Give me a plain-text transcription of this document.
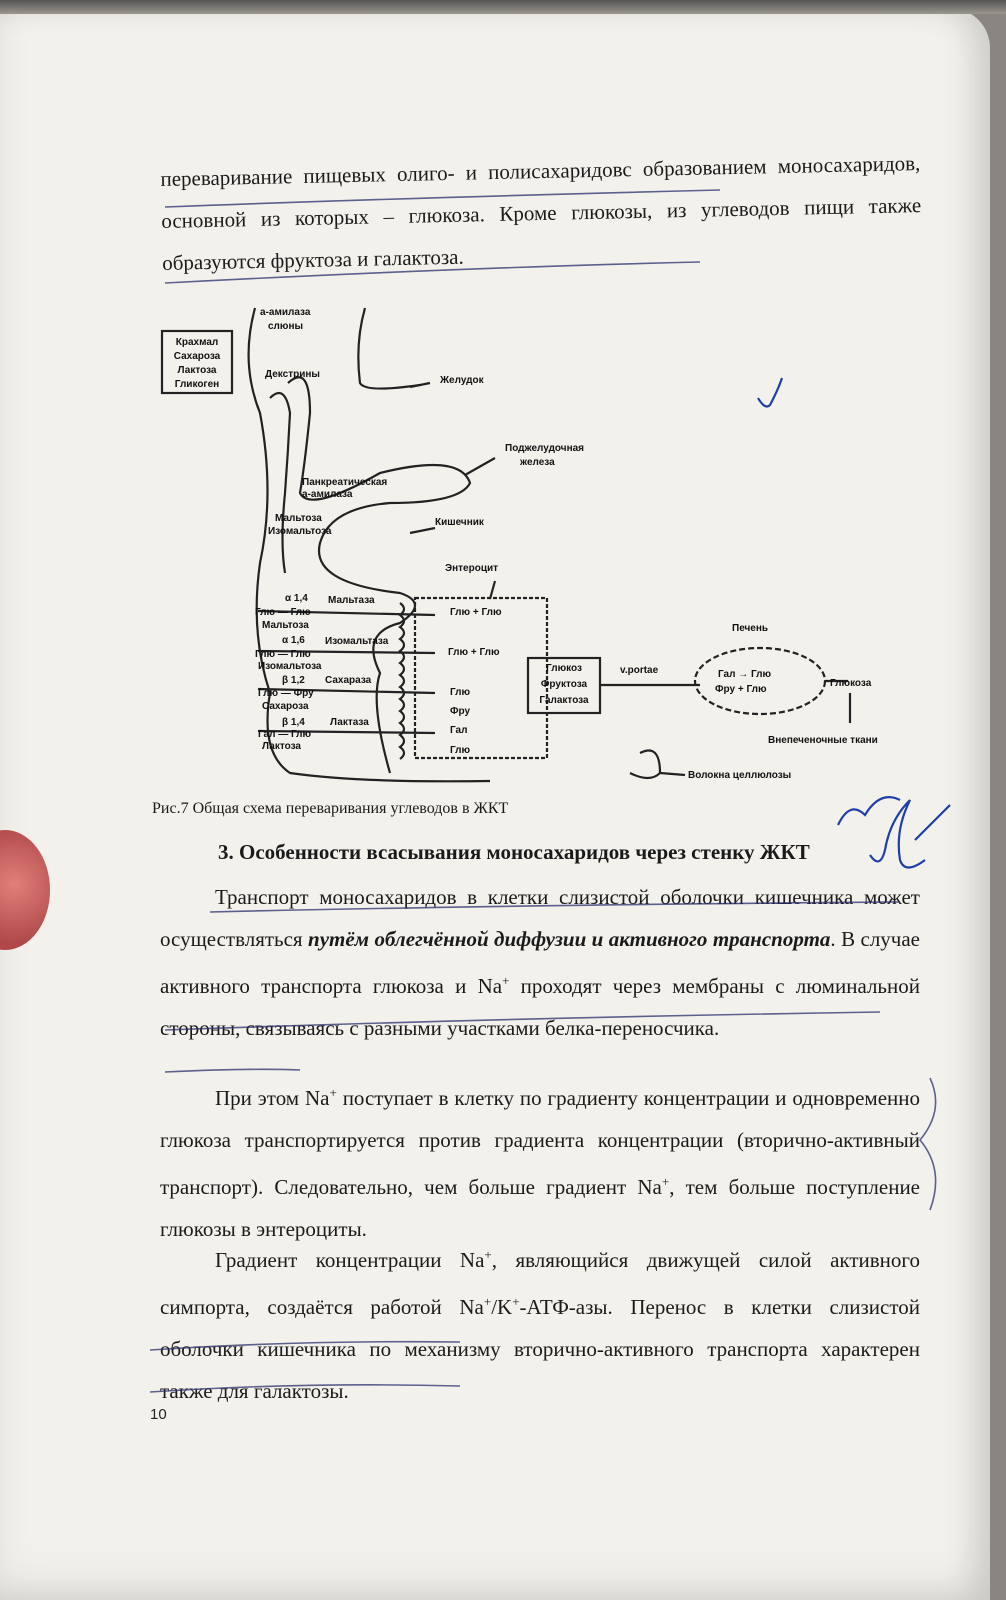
переваривание пищевых олиго- и полисахаридовс образованием моносахаридов, основной из которых – глюкоза. Кроме глюкозы, из углеводов пищи также образуются фруктоза и галактоза.

Крахмал
Сахароза
Лактоза
Гликоген
a-амилаза
слюны
Декстрины
Желудок
Поджелудочная
железа
Панкреатическая
a-амилаза
Мальтоза
Изомальтоза
Кишечник
Энтероцит
α 1,4 Мальтаза
Глю — Глю
Мальтоза
Глю + Глю
α 1,6 Изомальтаза
Глю — Глю
Изомальтоза
Глю + Глю
β 1,2 Сахараза
Глю — Фру
Сахароза
Глю
Фру
β 1,4	Лактаза
Гал — Глю
Лактоза
Гал
Глю
Глюкоз
Фруктоза
Галактоза
v.portae
Печень
Гал → Глю
Фру + Глю
Глюкоза
Внепеченочные ткани
Волокна целлюлозы
Рис.7 Общая схема переваривания углеводов в ЖКТ
3. Особенности всасывания моносахаридов через стенку ЖКТ
Транспорт моносахаридов в клетки слизистой оболочки кишечника может осуществляться путём облегчённой диффузии и активного транспорта. В случае активного транспорта глюкоза и Na+ проходят через мембраны с люминальной стороны, связываясь с разными участками белка-переносчика.
При этом Na+ поступает в клетку по градиенту концентрации и одновременно глюкоза транспортируется против градиента концентрации (вторично-активный транспорт). Следовательно, чем больше градиент Na+, тем больше поступление глюкозы в энтероциты.
Градиент концентрации Na+, являющийся движущей силой активного симпорта, создаётся работой Na+/K+-АТФ-азы. Перенос в клетки слизистой оболочки кишечника по механизму вторично-активного транспорта характерен также для галактозы.
10
